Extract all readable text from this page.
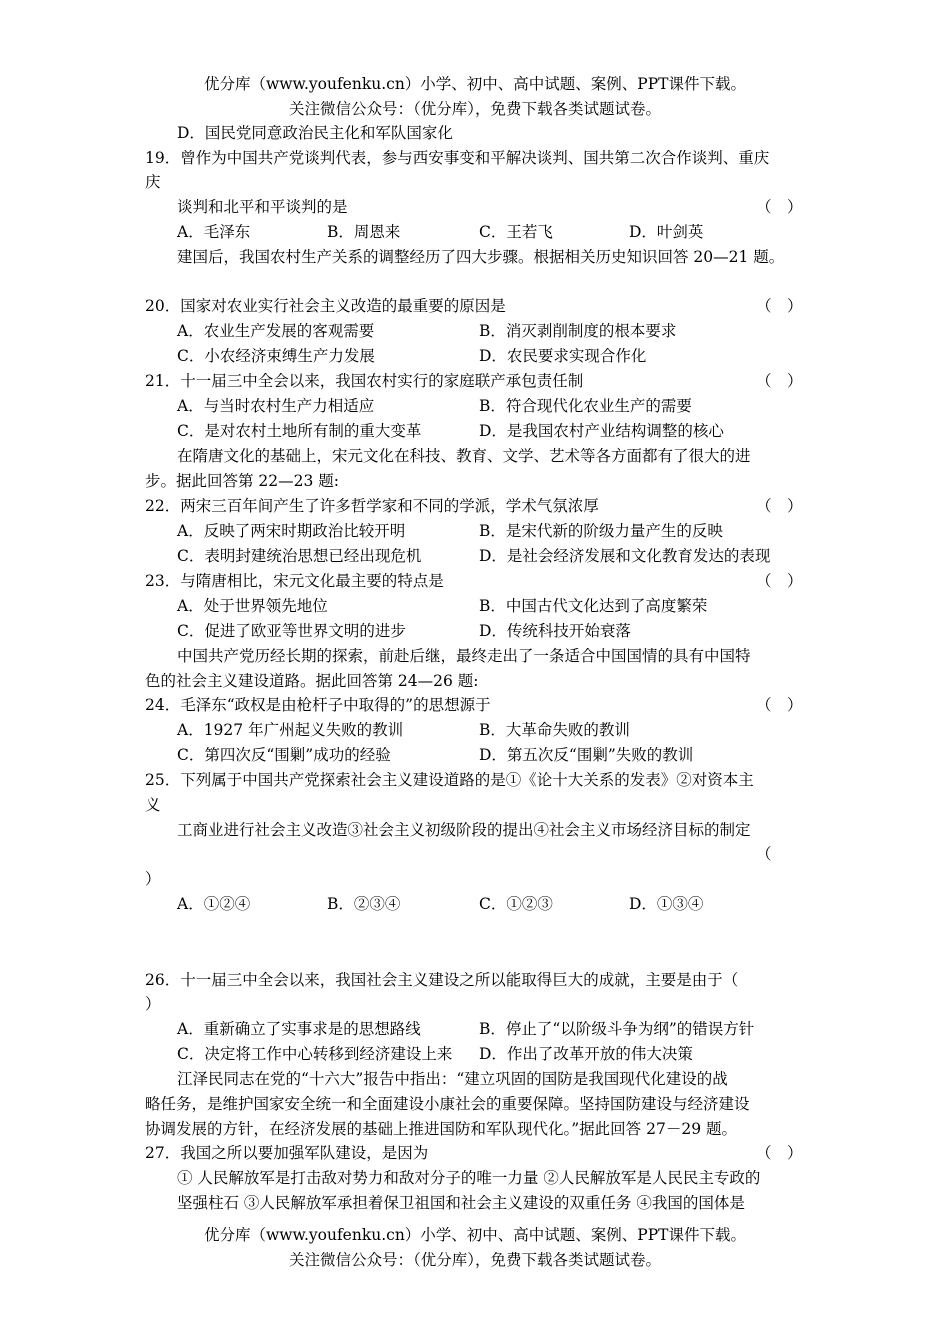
优分库（www.youfenku.cn）小学、初中、高中试题、案例、PPT课件下载。
关注微信公众号：（优分库），免费下载各类试题试卷。
D．国民党同意政治民主化和军队国家化
19．曾作为中国共产党谈判代表，参与西安事变和平解决谈判、国共第二次合作谈判、重庆
庆
谈判和北平和平谈判的是	（　）
A．毛泽东	B．周恩来	C．王若飞	D．叶剑英
建国后，我国农村生产关系的调整经历了四大步骤。根据相关历史知识回答 20—21 题。
20．国家对农业实行社会主义改造的最重要的原因是	（　）
A．农业生产发展的客观需要	B．消灭剥削制度的根本要求
C．小农经济束缚生产力发展	D．农民要求实现合作化
21．十一届三中全会以来，我国农村实行的家庭联产承包责任制	（　）
A．与当时农村生产力相适应	B．符合现代化农业生产的需要
C．是对农村土地所有制的重大变革	D．是我国农村产业结构调整的核心
在隋唐文化的基础上，宋元文化在科技、教育、文学、艺术等各方面都有了很大的进
步。据此回答第 22—23 题:
22．两宋三百年间产生了许多哲学家和不同的学派，学术气氛浓厚	（　）
A．反映了两宋时期政治比较开明	B．是宋代新的阶级力量产生的反映
C．表明封建统治思想已经出现危机	D．是社会经济发展和文化教育发达的表现
23．与隋唐相比，宋元文化最主要的特点是	（　）
A．处于世界领先地位	B．中国古代文化达到了高度繁荣
C．促进了欧亚等世界文明的进步	D．传统科技开始衰落
中国共产党历经长期的探索，前赴后继，最终走出了一条适合中国国情的具有中国特
色的社会主义建设道路。据此回答第 24—26 题:
24．毛泽东“政权是由枪杆子中取得的”的思想源于	（　）
A．1927 年广州起义失败的教训	B．大革命失败的教训
C．第四次反“围剿”成功的经验	D．第五次反“围剿”失败的教训
25．下列属于中国共产党探索社会主义建设道路的是①《论十大关系的发表》②对资本主
义
工商业进行社会主义改造③社会主义初级阶段的提出④社会主义市场经济目标的制定
（
）
A．①②④	B．②③④	C．①②③	D．①③④
26．十一届三中全会以来，我国社会主义建设之所以能取得巨大的成就，主要是由于（
）
A．重新确立了实事求是的思想路线	B．停止了“以阶级斗争为纲”的错误方针
C．决定将工作中心转移到经济建设上来 D．作出了改革开放的伟大决策
江泽民同志在党的“十六大”报告中指出：“建立巩固的国防是我国现代化建设的战
略任务，是维护国家安全统一和全面建设小康社会的重要保障。坚持国防建设与经济建设
协调发展的方针，在经济发展的基础上推进国防和军队现代化。”据此回答 27－29 题。
27．我国之所以要加强军队建设，是因为	（　）
① 人民解放军是打击敌对势力和敌对分子的唯一力量 ②人民解放军是人民民主专政的
坚强柱石 ③人民解放军承担着保卫祖国和社会主义建设的双重任务 ④我国的国体是
优分库（www.youfenku.cn）小学、初中、高中试题、案例、PPT课件下载。
关注微信公众号：（优分库），免费下载各类试题试卷。
